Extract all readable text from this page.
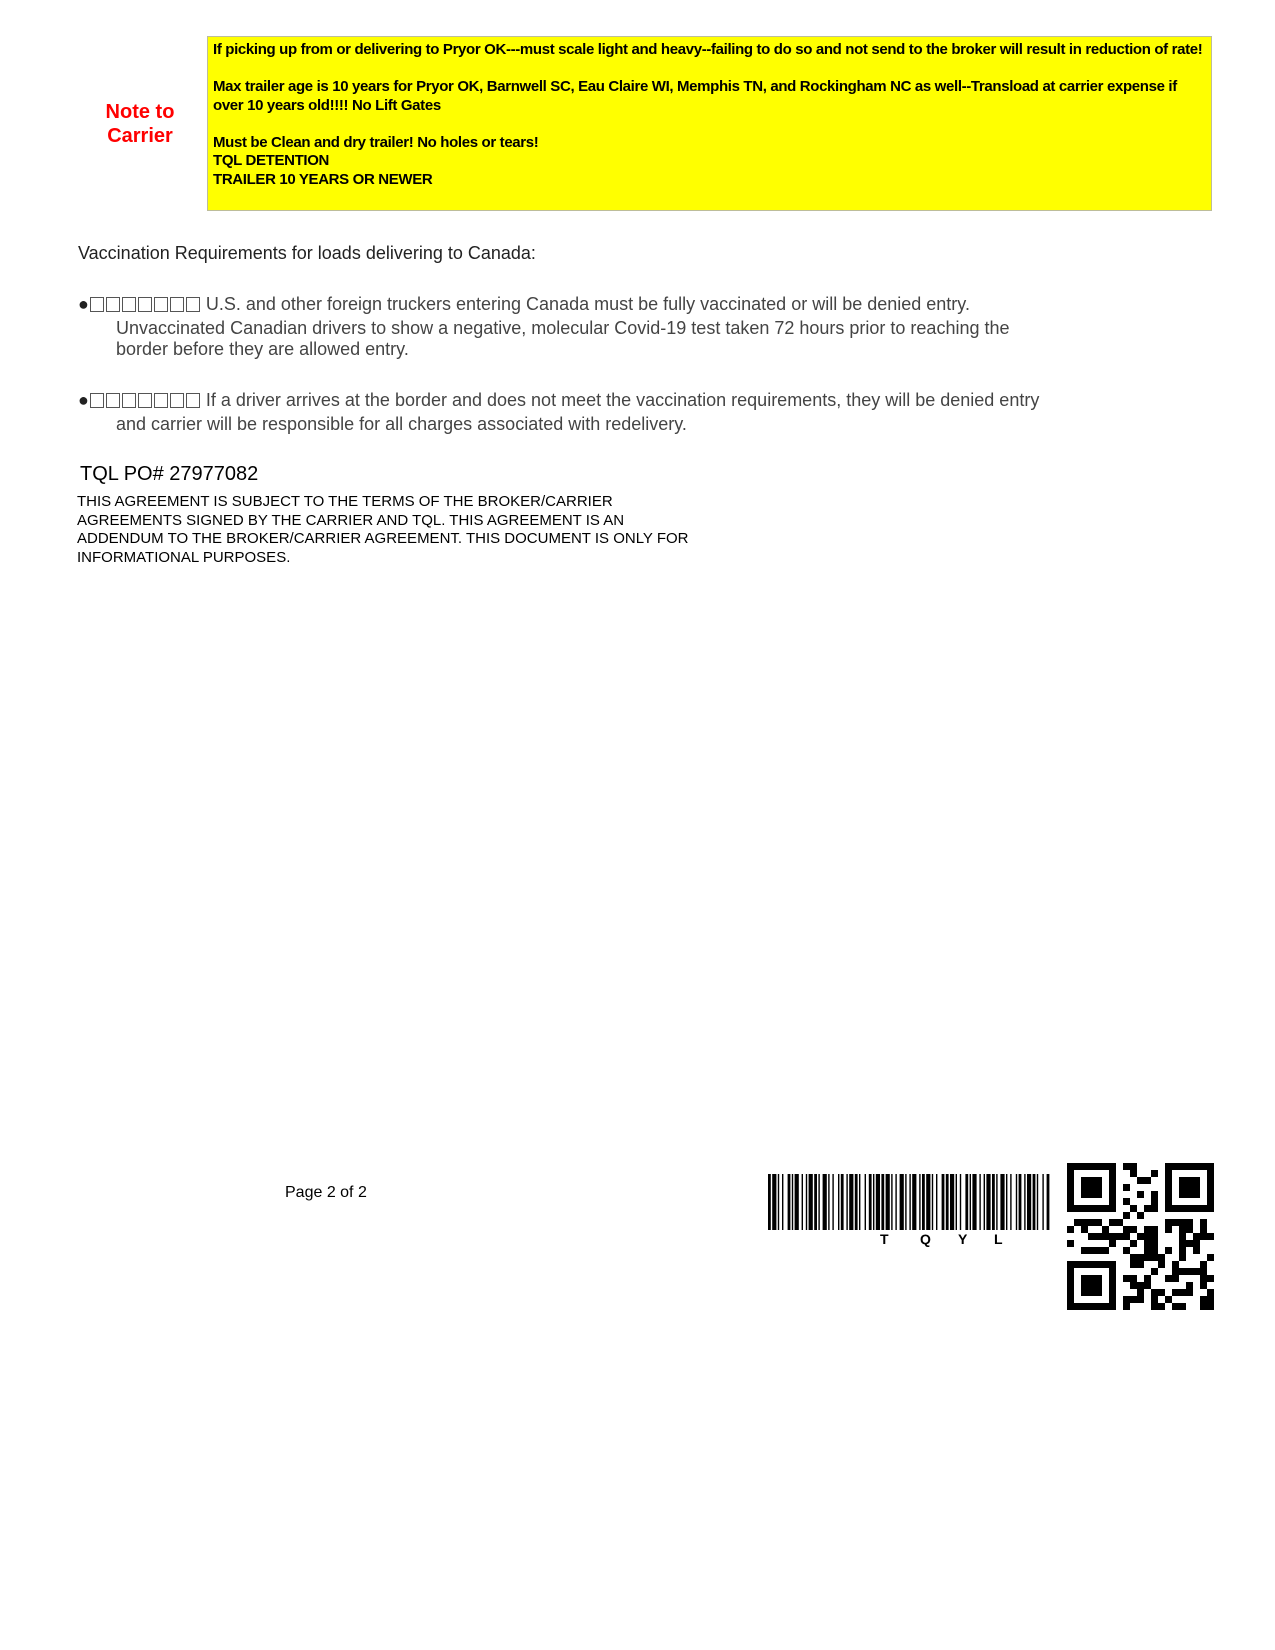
Note to
Carrier

If picking up from or delivering to Pryor OK---must scale light and heavy--failing to do so and not send to the broker will result in reduction of rate!

Max trailer age is 10 years for Pryor OK, Barnwell SC, Eau Claire WI, Memphis TN, and Rockingham NC as well--Transload at carrier expense if over 10 years old!!!! No Lift Gates

Must be Clean and dry trailer! No holes or tears!
TQL DETENTION
TRAILER 10 YEARS OR NEWER

Vaccination Requirements for loads delivering to Canada:
●	U.S. and other foreign truckers entering Canada must be fully vaccinated or will be denied entry.
Unvaccinated Canadian drivers to show a negative, molecular Covid-19 test taken 72 hours prior to reaching the
border before they are allowed entry.
●	If a driver arrives at the border and does not meet the vaccination requirements, they will be denied entry
and carrier will be responsible for all charges associated with redelivery.
TQL PO# 27977082
THIS AGREEMENT IS SUBJECT TO THE TERMS OF THE BROKER/CARRIER
AGREEMENTS SIGNED BY THE CARRIER AND TQL. THIS AGREEMENT IS AN
ADDENDUM TO THE BROKER/CARRIER AGREEMENT. THIS DOCUMENT IS ONLY FOR
INFORMATIONAL PURPOSES.
Page 2 of 2
T Q Y L
